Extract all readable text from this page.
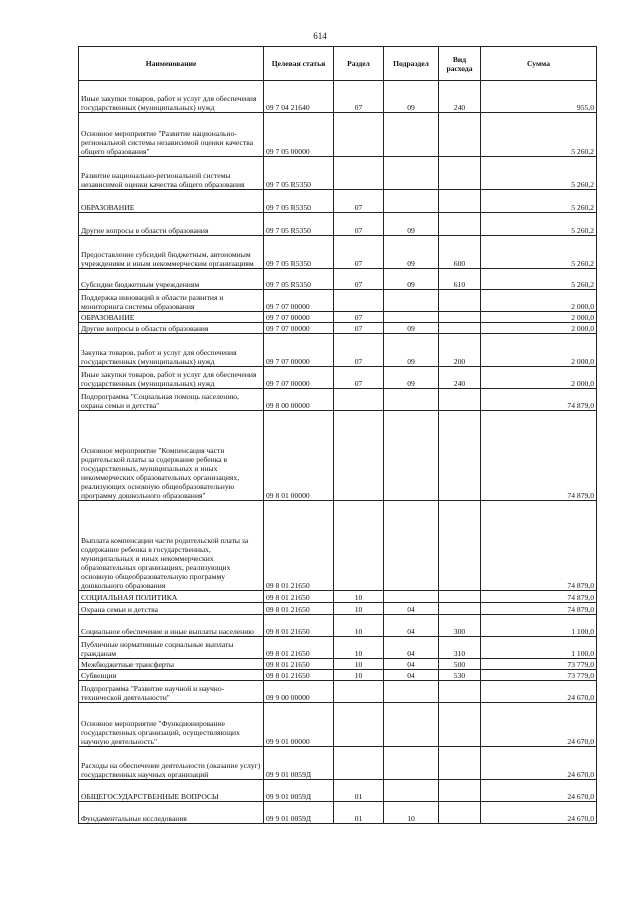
614
Наименование	Целевая статья	Раздел	Подраздел	Вид расхода	Сумма
Иные закупки товаров, работ и услуг для обеспечения государственных (муниципальных) нужд	09 7 04 21640	07	09	240	955,0
Основное мероприятие "Развитие национально-региональной системы независимой оценки качества общего образования"	09 7 05 00000				5 260,2
Развитие национально-региональной системы независимой оценки качества общего образования	09 7 05 R5350				5 260,2
ОБРАЗОВАНИЕ	09 7 05 R5350	07			5 260,2
Другие вопросы в области образования	09 7 05 R5350	07	09		5 260,2
Предоставление субсидий бюджетным, автономным учреждениям и иным некоммерческим организациям	09 7 05 R5350	07	09	600	5 260,2
Субсидии бюджетным учреждениям	09 7 05 R5350	07	09	610	5 260,2
Поддержка инноваций в области развития и мониторинга системы образования	09 7 07 00000				2 000,0
ОБРАЗОВАНИЕ	09 7 07 00000	07			2 000,0
Другие вопросы в области образования	09 7 07 00000	07	09		2 000,0
Закупка товаров, работ и услуг для обеспечения государственных (муниципальных) нужд	09 7 07 00000	07	09	200	2 000,0
Иные закупки товаров, работ и услуг для обеспечения государственных (муниципальных) нужд	09 7 07 00000	07	09	240	2 000,0
Подпрограмма "Социальная помощь населению, охрана семьи и детства"	09 8 00 00000				74 879,0
Основное мероприятие "Компенсация части родительской платы за содержание ребенка в государственных, муниципальных и иных некоммерческих образовательных организациях, реализующих основную общеобразовательную программу дошкольного образования"	09 8 01 00000				74 879,0
Выплата компенсации части родительской платы за содержание ребенка в государственных, муниципальных и иных некоммерческих образовательных организациях, реализующих основную общеобразовательную программу дошкольного образования	09 8 01 21650				74 879,0
СОЦИАЛЬНАЯ ПОЛИТИКА	09 8 01 21650	10			74 879,0
Охрана семьи и детства	09 8 01 21650	10	04		74 879,0
Социальное обеспечение и иные выплаты населению	09 8 01 21650	10	04	300	1 100,0
Публичные нормативные социальные выплаты гражданам	09 8 01 21650	10	04	310	1 100,0
Межбюджетные трансферты	09 8 01 21650	10	04	500	73 779,0
Субвенции	09 8 01 21650	10	04	530	73 779,0
Подпрограмма "Развитие научной и научно-технической деятельности"	09 9 00 00000				24 670,0
Основное мероприятие "Функционирование государственных организаций, осуществляющих научную деятельность"	09 9 01 00000				24 670,0
Расходы на обеспечение деятельности (оказание услуг) государственных научных организаций	09 9 01 0059Д				24 670,0
ОБЩЕГОСУДАРСТВЕННЫЕ ВОПРОСЫ	09 9 01 0059Д	01			24 670,0
Фундаментальные исследования	09 9 01 0059Д	01	10		24 670,0
